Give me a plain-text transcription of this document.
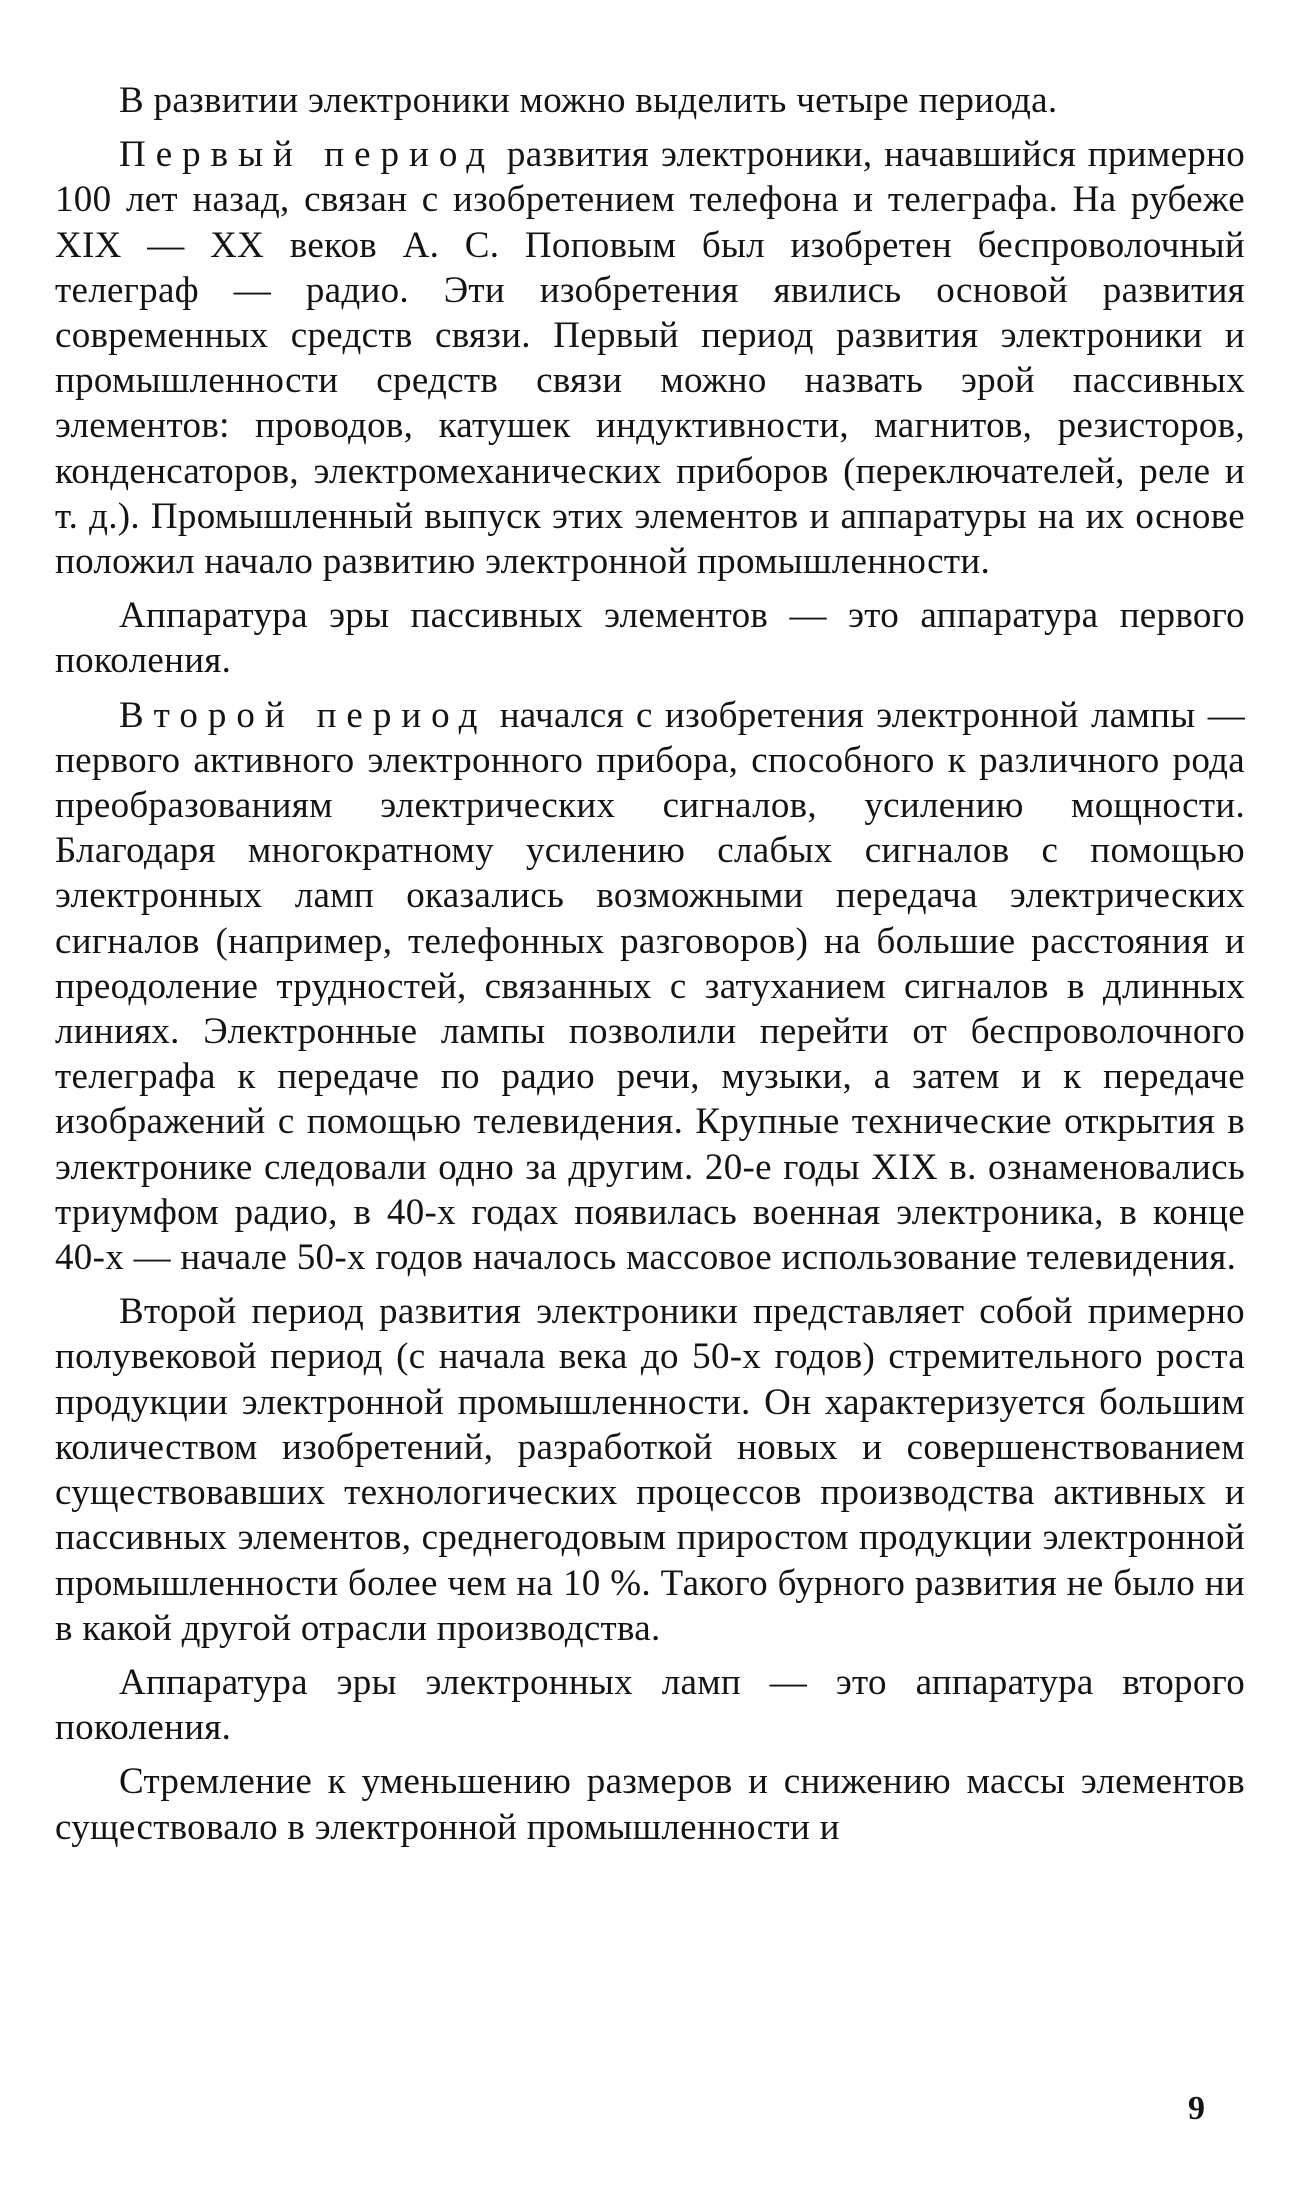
В развитии электроники можно выделить четыре периода.

Первый период развития электроники, начавшийся примерно 100 лет назад, связан с изобретением телефона и телеграфа. На рубеже XIX — XX веков А. С. Поповым был изобретен беспроволочный телеграф — радио. Эти изобретения явились основой развития современных средств связи. Первый период развития электроники и промышленности средств связи можно назвать эрой пассивных элементов: проводов, катушек индуктивности, магнитов, резисторов, конденсаторов, электромеханических приборов (переключателей, реле и т. д.). Промышленный выпуск этих элементов и аппаратуры на их основе положил начало развитию электронной промышленности.

Аппаратура эры пассивных элементов — это аппаратура первого поколения.

Второй период начался с изобретения электронной лампы — первого активного электронного прибора, способного к различного рода преобразованиям электрических сигналов, усилению мощности. Благодаря многократному усилению слабых сигналов с помощью электронных ламп оказались возможными передача электрических сигналов (например, телефонных разговоров) на большие расстояния и преодоление трудностей, связанных с затуханием сигналов в длинных линиях. Электронные лампы позволили перейти от беспроволочного телеграфа к передаче по радио речи, музыки, а затем и к передаче изображений с помощью телевидения. Крупные технические открытия в электронике следовали одно за другим. 20-е годы XIX в. ознаменовались триумфом радио, в 40-х годах появилась военная электроника, в конце 40-х — начале 50-х годов началось массовое использование телевидения.

Второй период развития электроники представляет собой примерно полувековой период (с начала века до 50-х годов) стремительного роста продукции электронной промышленности. Он характеризуется большим количеством изобретений, разработкой новых и совершенствованием существовавших технологических процессов производства активных и пассивных элементов, среднегодовым приростом продукции электронной промышленности более чем на 10 %. Такого бурного развития не было ни в какой другой отрасли производства.

Аппаратура эры электронных ламп — это аппаратура второго поколения.

Стремление к уменьшению размеров и снижению массы элементов существовало в электронной промышленности и

9
